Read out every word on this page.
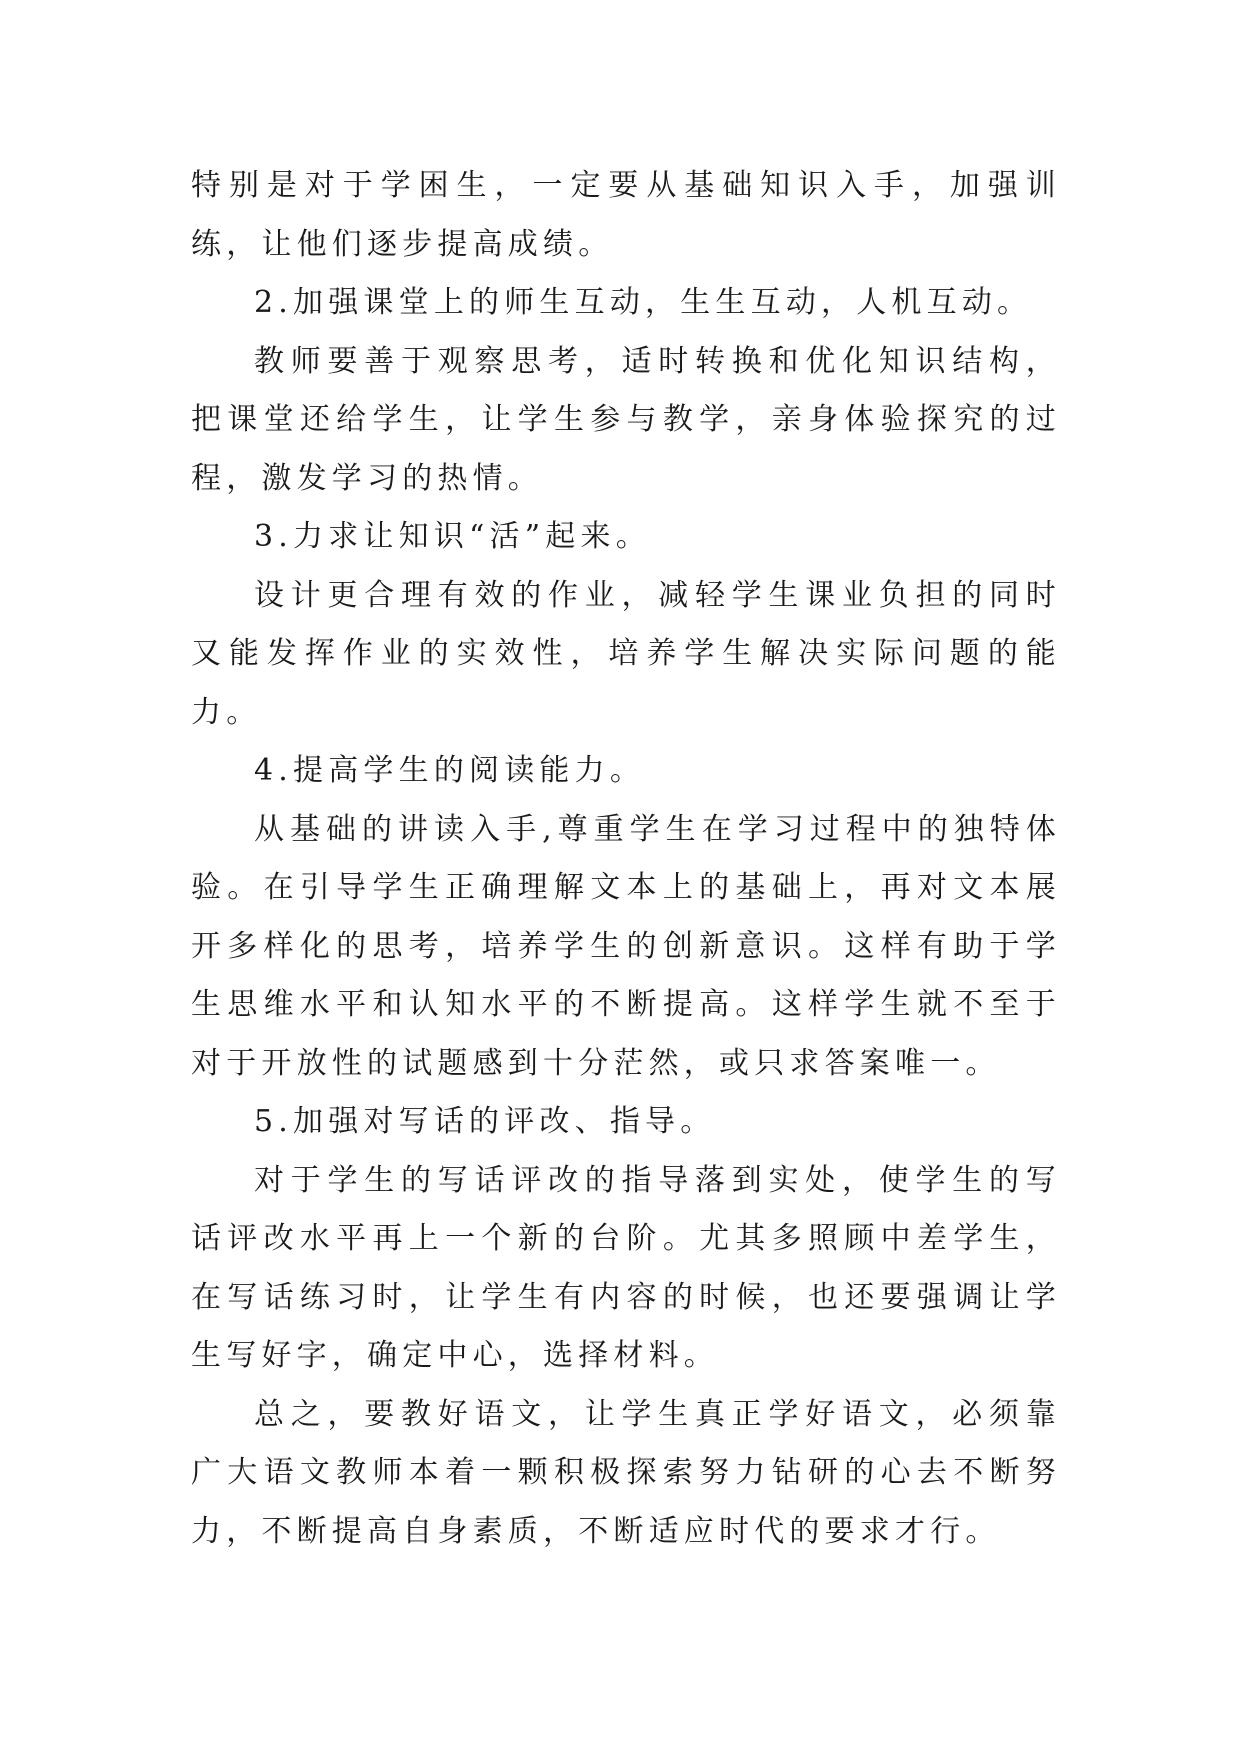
特别是对于学困生，一定要从基础知识入手，加强训练，让他们逐步提高成绩。

2.加强课堂上的师生互动，生生互动，人机互动。

教师要善于观察思考，适时转换和优化知识结构，把课堂还给学生，让学生参与教学，亲身体验探究的过程，激发学习的热情。

3.力求让知识“活”起来。

设计更合理有效的作业，减轻学生课业负担的同时又能发挥作业的实效性，培养学生解决实际问题的能力。

4.提高学生的阅读能力。

从基础的讲读入手,尊重学生在学习过程中的独特体验。在引导学生正确理解文本上的基础上，再对文本展开多样化的思考，培养学生的创新意识。这样有助于学生思维水平和认知水平的不断提高。这样学生就不至于对于开放性的试题感到十分茫然，或只求答案唯一。

5.加强对写话的评改、指导。

对于学生的写话评改的指导落到实处，使学生的写话评改水平再上一个新的台阶。尤其多照顾中差学生，在写话练习时，让学生有内容的时候，也还要强调让学生写好字，确定中心，选择材料。

总之，要教好语文，让学生真正学好语文，必须靠广大语文教师本着一颗积极探索努力钻研的心去不断努力，不断提高自身素质，不断适应时代的要求才行。
